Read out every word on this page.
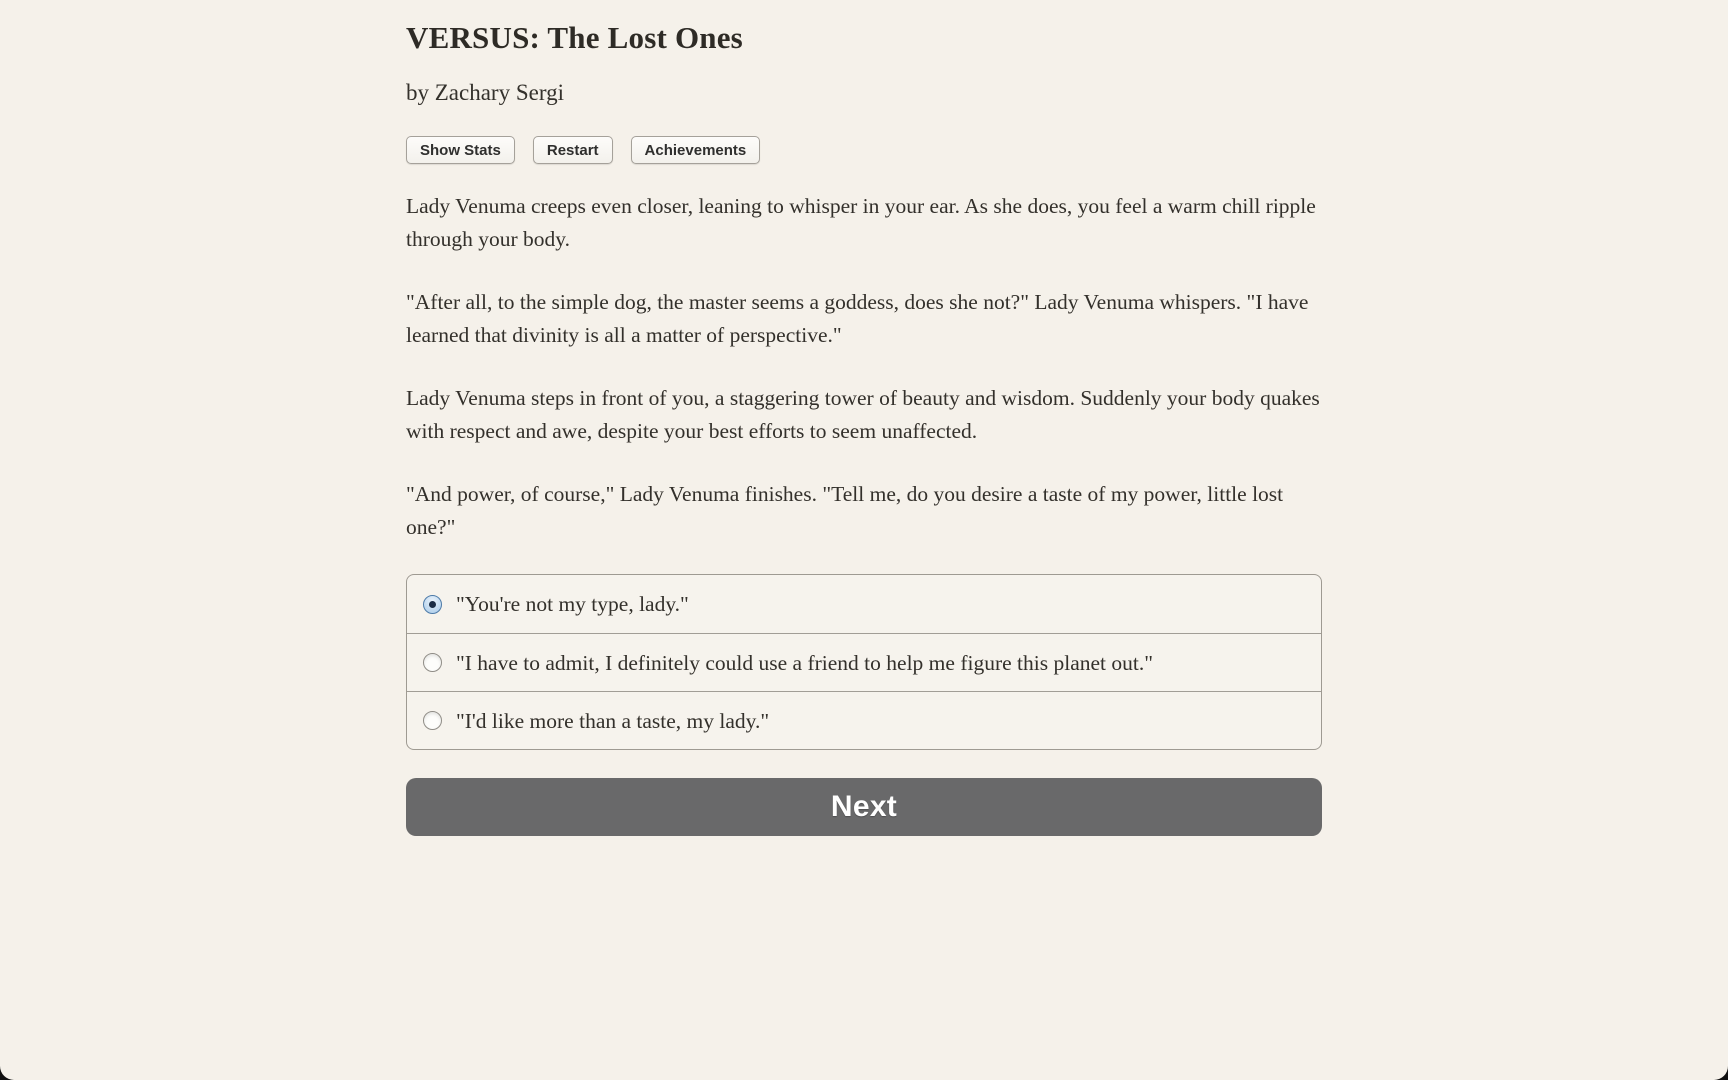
VERSUS: The Lost Ones
by Zachary Sergi
Show Stats	Restart	Achievements

Lady Venuma creeps even closer, leaning to whisper in your ear. As she does, you feel a warm chill ripple through your body.

"After all, to the simple dog, the master seems a goddess, does she not?" Lady Venuma whispers. "I have learned that divinity is all a matter of perspective."

Lady Venuma steps in front of you, a staggering tower of beauty and wisdom. Suddenly your body quakes with respect and awe, despite your best efforts to seem unaffected.

"And power, of course," Lady Venuma finishes. "Tell me, do you desire a taste of my power, little lost one?"

"You're not my type, lady."
"I have to admit, I definitely could use a friend to help me figure this planet out."
"I'd like more than a taste, my lady."
Next
